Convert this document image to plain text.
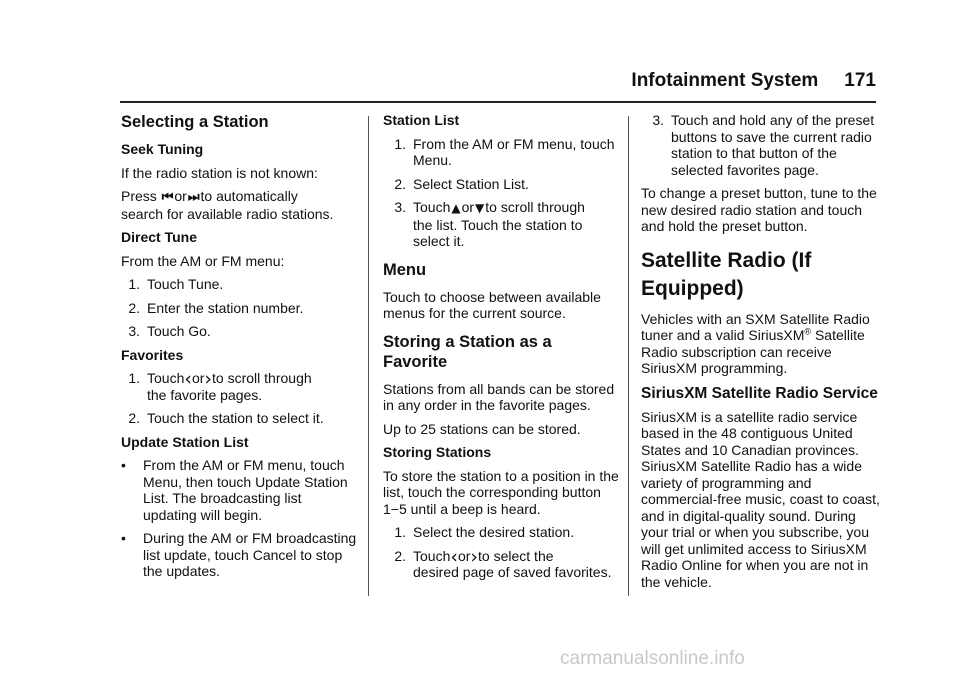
Infotainment System 171
Selecting a Station

Seek Tuning

If the radio station is not known:

Press ⏮or⏭to automatically
search for available radio stations.

Direct Tune

From the AM or FM menu:

1. Touch Tune.
2. Enter the station number.
3. Touch Go.

Favorites

1. Touch‹or›to scroll through
the favorite pages.
2. Touch the station to select it.

Update Station List

•	From the AM or FM menu, touch Menu, then touch Update Station List. The broadcasting list updating will begin.
•	During the AM or FM broadcasting list update, touch Cancel to stop the updates.

Station List

1. From the AM or FM menu, touch Menu.
2. Select Station List.
3. Touch▲or▼to scroll through
the list. Touch the station to select it.
Menu

Touch to choose between available menus for the current source.

Storing a Station as a Favorite

Stations from all bands can be stored in any order in the favorite pages.

Up to 25 stations can be stored.

Storing Stations

To store the station to a position in the list, touch the corresponding button 1−5 until a beep is heard.

1. Select the desired station.
2. Touch‹or›to select the
desired page of saved favorites.
3. Touch and hold any of the preset buttons to save the current radio station to that button of the selected favorites page.

To change a preset button, tune to the new desired radio station and touch and hold the preset button.

Satellite Radio (If Equipped)

Vehicles with an SXM Satellite Radio tuner and a valid SiriusXM® Satellite Radio subscription can receive SiriusXM programming.

SiriusXM Satellite Radio Service

SiriusXM is a satellite radio service based in the 48 contiguous United States and 10 Canadian provinces. SiriusXM Satellite Radio has a wide variety of programming and commercial-free music, coast to coast, and in digital-quality sound. During your trial or when you subscribe, you will get unlimited access to SiriusXM Radio Online for when you are not in the vehicle.

carmanualsonline.info
